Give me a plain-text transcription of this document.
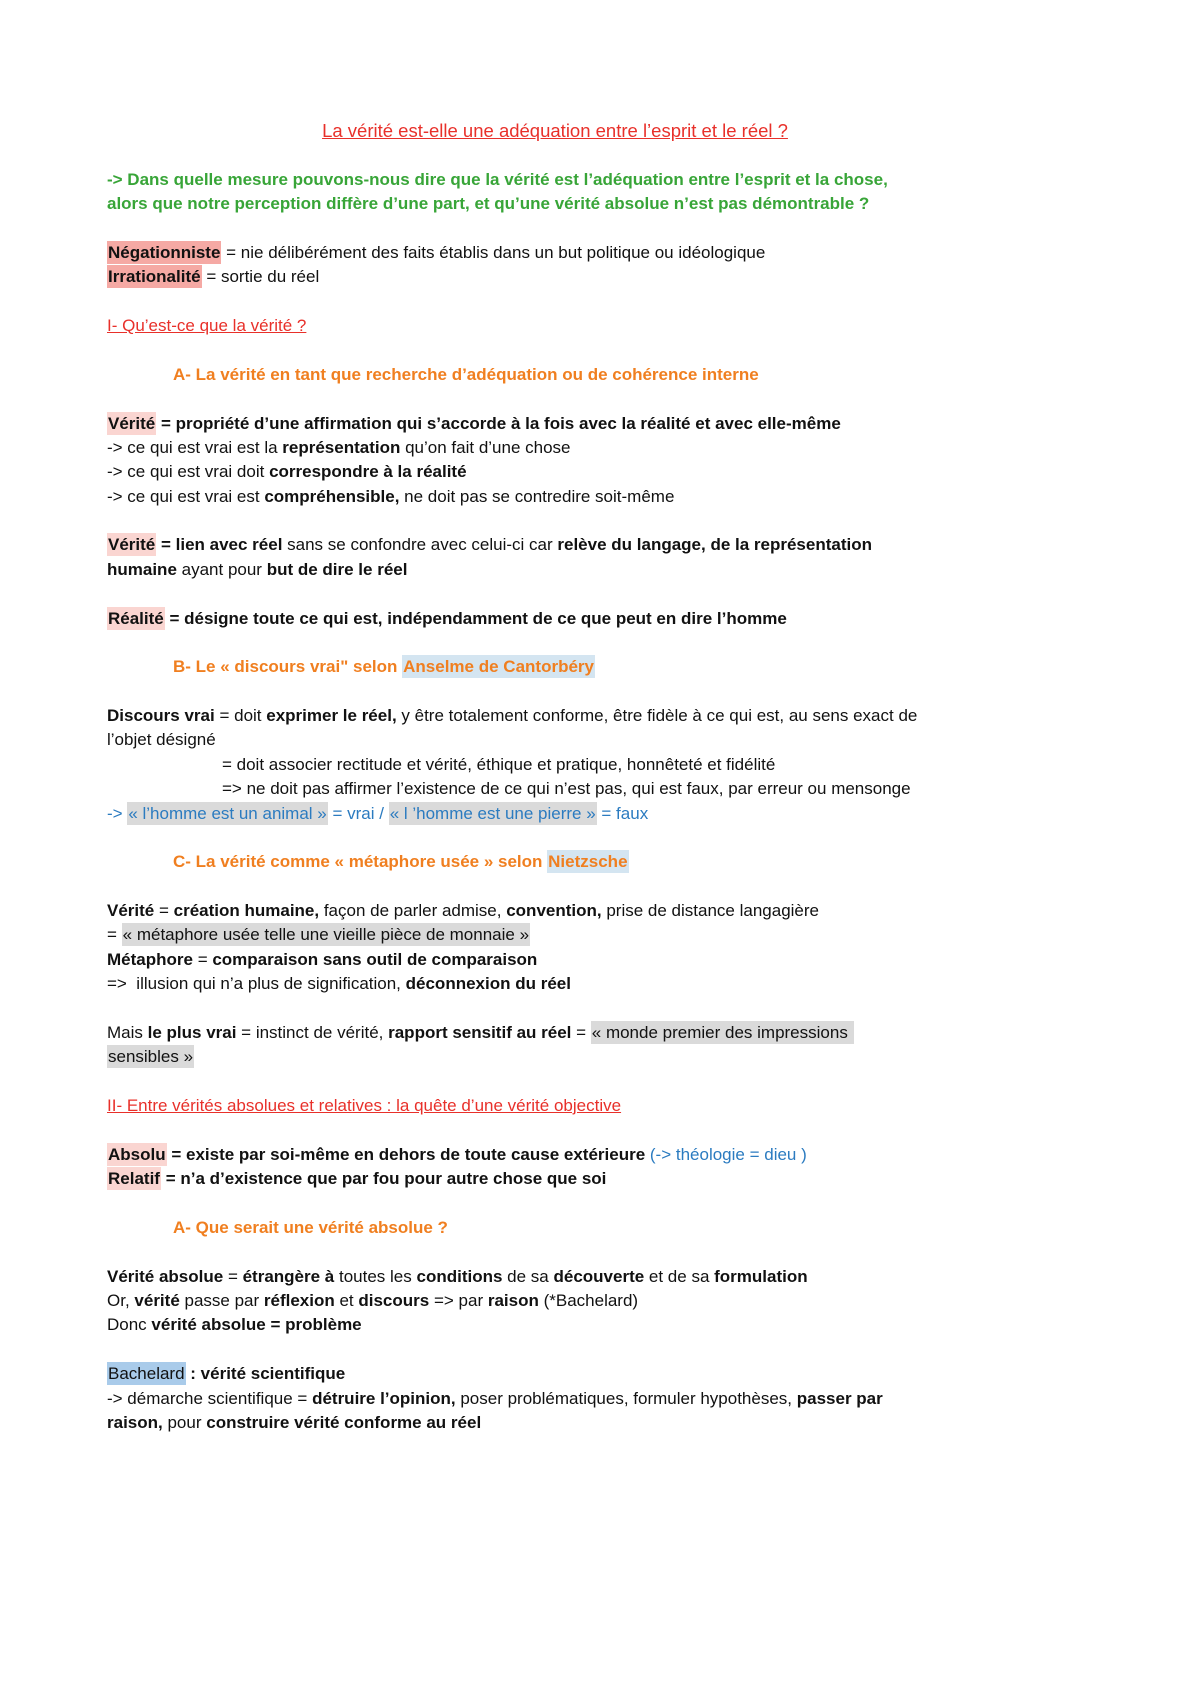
La vérité est-elle une adéquation entre l’esprit et le réel ?
-> Dans quelle mesure pouvons-nous dire que la vérité est l’adéquation entre l’esprit et la chose,
alors que notre perception diffère d’une part, et qu’une vérité absolue n’est pas démontrable ?
Négationniste = nie délibérément des faits établis dans un but politique ou idéologique
Irrationalité = sortie du réel
I- Qu’est-ce que la vérité ?
A- La vérité en tant que recherche d’adéquation ou de cohérence interne
Vérité = propriété d’une affirmation qui s’accorde à la fois avec la réalité et avec elle-même
-> ce qui est vrai est la représentation qu’on fait d’une chose
-> ce qui est vrai doit correspondre à la réalité
-> ce qui est vrai est compréhensible, ne doit pas se contredire soit-même
Vérité = lien avec réel sans se confondre avec celui-ci car relève du langage, de la représentation
humaine ayant pour but de dire le réel
Réalité = désigne toute ce qui est, indépendamment de ce que peut en dire l’homme
B- Le « discours vrai" selon Anselme de Cantorbéry
Discours vrai = doit exprimer le réel, y être totalement conforme, être fidèle à ce qui est, au sens exact de
l’objet désigné
= doit associer rectitude et vérité, éthique et pratique, honnêteté et fidélité
=> ne doit pas affirmer l’existence de ce qui n’est pas, qui est faux, par erreur ou mensonge
-> « l’homme est un animal » = vrai / « l ’homme est une pierre » = faux
C- La vérité comme « métaphore usée » selon Nietzsche
Vérité = création humaine, façon de parler admise, convention, prise de distance langagière
= « métaphore usée telle une vieille pièce de monnaie »
Métaphore = comparaison sans outil de comparaison
=>  illusion qui n’a plus de signification, déconnexion du réel
Mais le plus vrai = instinct de vérité, rapport sensitif au réel = « monde premier des impressions
sensibles »
II- Entre vérités absolues et relatives : la quête d’une vérité objective
Absolu = existe par soi-même en dehors de toute cause extérieure (-> théologie = dieu )
Relatif = n’a d’existence que par fou pour autre chose que soi
A- Que serait une vérité absolue ?
Vérité absolue = étrangère à toutes les conditions de sa découverte et de sa formulation
Or, vérité passe par réflexion et discours => par raison (*Bachelard)
Donc vérité absolue = problème
Bachelard : vérité scientifique
-> démarche scientifique = détruire l’opinion, poser problématiques, formuler hypothèses, passer par
raison, pour construire vérité conforme au réel
